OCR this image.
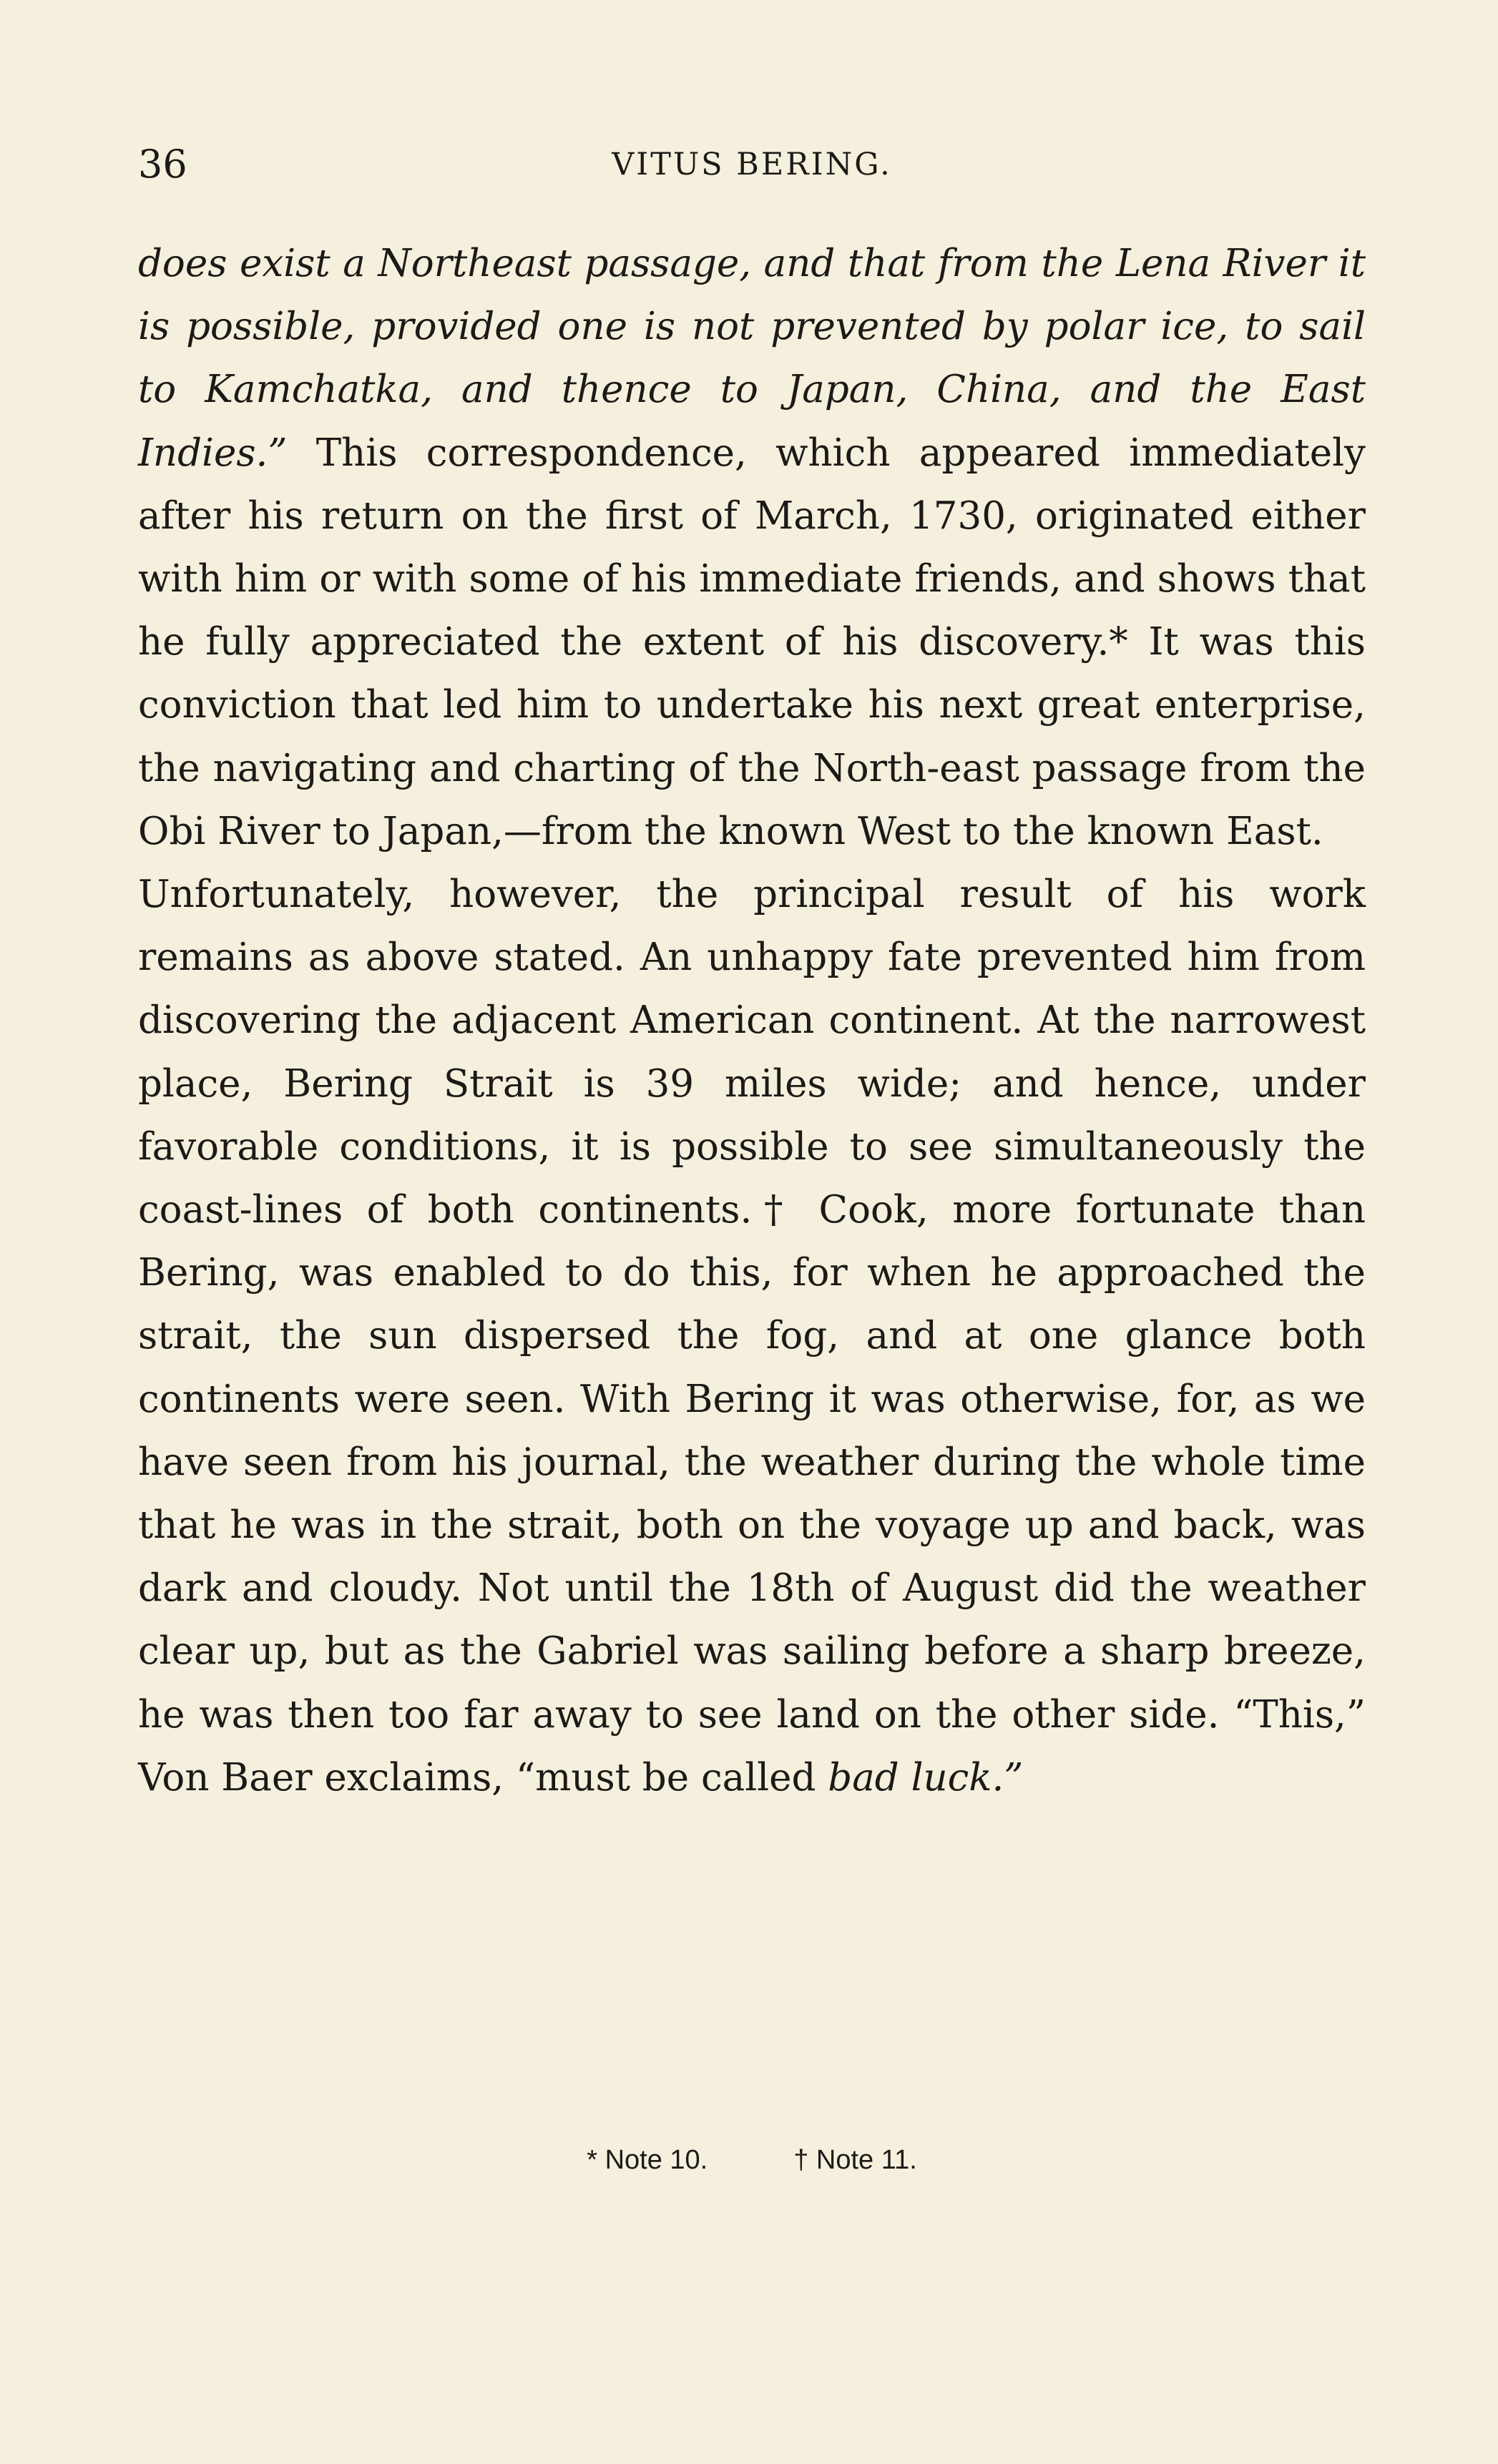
36	VITUS BERING.

does exist a Northeast passage, and that from the Lena River it is possible, provided one is not prevented by polar ice, to sail to Kamchatka, and thence to Japan, China, and the East Indies.” This correspondence, which appeared immediately after his return on the first of March, 1730, originated either with him or with some of his immediate friends, and shows that he fully appreciated the extent of his discovery.* It was this conviction that led him to undertake his next great enterprise, the navigating and charting of the North-east passage from the Obi River to Japan,—from the known West to the known East.

Unfortunately, however, the principal result of his work remains as above stated. An unhappy fate prevented him from discovering the adjacent American continent. At the narrowest place, Bering Strait is 39 miles wide; and hence, under favorable conditions, it is possible to see simultaneously the coast-lines of both continents.† Cook, more fortunate than Bering, was enabled to do this, for when he approached the strait, the sun dispersed the fog, and at one glance both continents were seen. With Bering it was otherwise, for, as we have seen from his journal, the weather during the whole time that he was in the strait, both on the voyage up and back, was dark and cloudy. Not until the 18th of August did the weather clear up, but as the Gabriel was sailing before a sharp breeze, he was then too far away to see land on the other side. “This,” Von Baer exclaims, “must be called bad luck.”

* Note 10.	† Note 11.
